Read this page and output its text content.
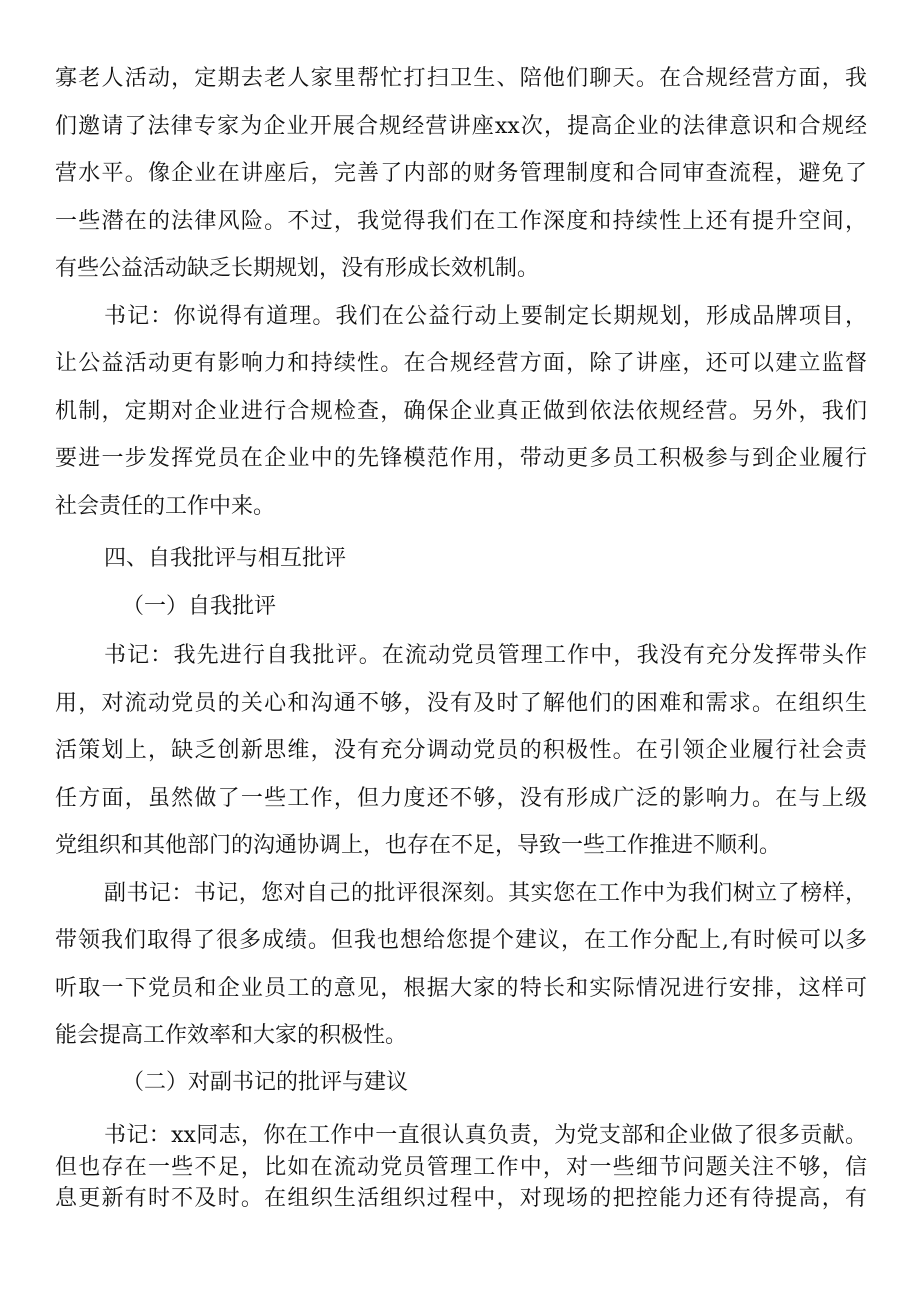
寡老人活动，定期去老人家里帮忙打扫卫生、陪他们聊天。在合规经营方面，我
们邀请了法律专家为企业开展合规经营讲座xx次，提高企业的法律意识和合规经
营水平。像企业在讲座后，完善了内部的财务管理制度和合同审查流程，避免了
一些潜在的法律风险。不过，我觉得我们在工作深度和持续性上还有提升空间，
有些公益活动缺乏长期规划，没有形成长效机制。
书记：你说得有道理。我们在公益行动上要制定长期规划，形成品牌项目，
让公益活动更有影响力和持续性。在合规经营方面，除了讲座，还可以建立监督
机制，定期对企业进行合规检查，确保企业真正做到依法依规经营。另外，我们
要进一步发挥党员在企业中的先锋模范作用，带动更多员工积极参与到企业履行
社会责任的工作中来。
四、自我批评与相互批评
（一）自我批评
书记：我先进行自我批评。在流动党员管理工作中，我没有充分发挥带头作
用，对流动党员的关心和沟通不够，没有及时了解他们的困难和需求。在组织生
活策划上，缺乏创新思维，没有充分调动党员的积极性。在引领企业履行社会责
任方面，虽然做了一些工作，但力度还不够，没有形成广泛的影响力。在与上级
党组织和其他部门的沟通协调上，也存在不足，导致一些工作推进不顺利。
副书记：书记，您对自己的批评很深刻。其实您在工作中为我们树立了榜样，
带领我们取得了很多成绩。但我也想给您提个建议，在工作分配上,有时候可以多
听取一下党员和企业员工的意见，根据大家的特长和实际情况进行安排，这样可
能会提高工作效率和大家的积极性。
（二）对副书记的批评与建议
书记：xx同志，你在工作中一直很认真负责，为党支部和企业做了很多贡献。
但也存在一些不足，比如在流动党员管理工作中，对一些细节问题关注不够，信
息更新有时不及时。在组织生活组织过程中，对现场的把控能力还有待提高，有
